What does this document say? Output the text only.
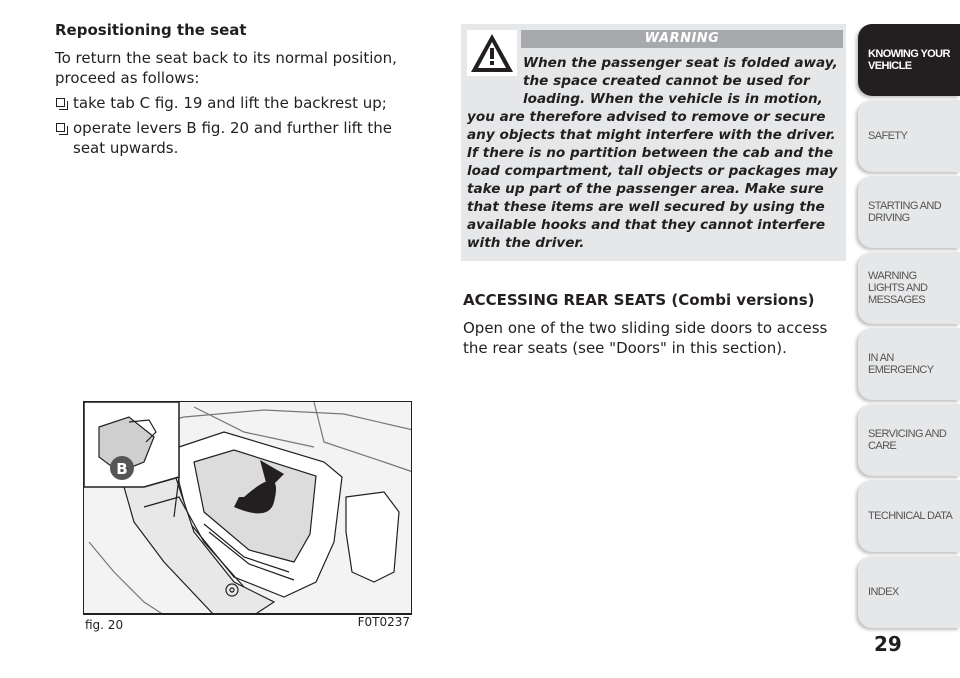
Repositioning the seat
To return the seat back to its normal position, proceed as follows:
take tab C fig. 19 and lift the backrest up;
operate levers B fig. 20 and further lift the seat upwards.
B
fig. 20	F0T0237
WARNING
When the passenger seat is folded away, the space created cannot be used for loading. When the vehicle is in motion, you are therefore advised to remove or secure any objects that might interfere with the driver. If there is no partition between the cab and the load compartment, tall objects or packages may take up part of the passenger area. Make sure that these items are well secured by using the available hooks and that they cannot interfere with the driver.
ACCESSING REAR SEATS (Combi versions)
Open one of the two sliding side doors to access the rear seats (see "Doors" in this section).
KNOWING YOUR VEHICLE
SAFETY
STARTING AND DRIVING
WARNING LIGHTS AND MESSAGES
IN AN EMERGENCY
SERVICING AND CARE
TECHNICAL DATA
INDEX
29
